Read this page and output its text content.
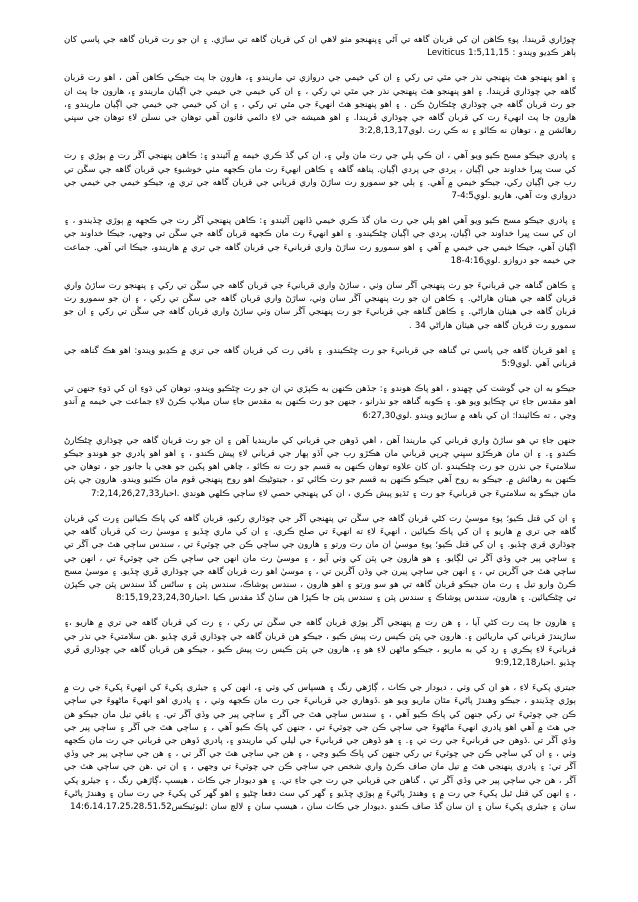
ڇوڙاري ڦريندا. پوءِ ڪاهن ان کي قربان گاهه تي آڻي ۽پنهنجو مٺو لاهي ان کي قربان گاهه تي ساڙي. ۽ ان جو رت قربان گاهه جي پاسي کان ٻاهر ڪڍيو ويندو : Leviticus 1:5,11,15

۽ اهو پنهنجو هٿ پنهنجي نذر جي مٿي تي رکي ۽ ان کي خيمي جي دروازي تي ماريندو ۽، هارون جا پٽ جيڪي ڪاهن آهن ، اهو رت قربان گاهه جي چوڌاري ڦريندا. ۽ اهو پنهنجو هٿ پنهنجي نذر جي مٿي تي رکي ، ۽ ان کي خيمي جي خيمي جي اڳيان ماريندو ۽، هارون جا پٽ ان جو رت قربان گاهه جي چوڌاري ڇڻڪارڻ ڪن . ۽ اهو پنهنجو هٿ انهيءَ جي مٿي تي رکي ، ۽ ان کي خيمي جي خيمي جي اڳيان ماريندو ۽، هارون جا پٽ انهيءَ رت کي قربان گاهه جي چوڌاري ڦريندا. ۽ اهو هميشه جي لاءِ دائمي قانون آهي توهان جي نسلن لاءِ توهان جي سڀني رهائشن ۾ ، توهان نه ڪائو ۽ نه ڪي رت .لوي3:2,8,13,17

۽ پادري جيڪو مسح ڪيو ويو آهي ، ان ڪي ٻلي جي رت مان ولي ۽، ان کي گڏ ڪري خيمه ۾ آڻيندو ۽: ڪاهن پنهنجي آڱر رت ۾ ٻوڙي ۽ رت کي ست ڀيرا خداوند جي اڳيان ، پردي جي پردي اڳيان. پناهه گاهه ۽ ڪاهن انهيءَ رت مان ڪجهه مٺي خوشبوءِ جي قربان گاهه جي سڱن تي رب جي اڳيان رکي، جيڪو خيمي ۾ آهي. ۽ ٻلي جو سمورو رت ساڙڻ واري قرباني جي قربان گاهه جي تري ۾، جيڪو خيمي جي خيمي جي دروازي وٽ آهي، هاريو .لوي4:5-7

۽ پادري جيڪو مسح ڪيو ويو آهي اهو ٻلي جي رت مان گڏ ڪري خيمي ڏانهن آڻيندو ۽: ڪاهن پنهنجي آڱر رت جي ڪجهه ۾ ٻوڙي ڇڏيندو ، ۽ ان کي ست ڀيرا خداوند جي اڳيان، پردي جي اڳيان ڇڻڪيندو. ۽ اهو انهيءَ رت مان ڪجهه قربان گاهه جي سڱن تي وجهي، جيڪا خداوند جي اڳيان آهي، جيڪا خيمي جي خيمي ۾ آهي ۽ اهو سمورو رت ساڙڻ واري قربانيءَ جي قربان گاهه جي تري ۾ هاريندو، جيڪا اتي آهي. جماعت جي خيمه جو دروازو .لوي4:16-18

۽ ڪاهن گناهه جي قربانيءَ جو رت پنهنجي آڱر سان وٺي ، ساڙڻ واري قربانيءَ جي قربان گاهه جي سڱن تي رکي ۽ پنهنجو رت ساڙڻ واري قربان گاهه جي هيٺان هاراڻي. ۽ ڪاهن ان جو رت پنهنجي آڱر سان وٺي، ساڙڻ واري قربان گاهه جي سڱن تي رکي ، ۽ ان جو سمورو رت قربان گاهه جي هيٺان هاراڻي. ۽ ڪاهن گناهه جي قربانيءَ جو رت پنهنجي آڱر سان وٺي ساڙڻ واري قربان گاهه جي سڱن تي رکي ۽ ان جو سمورو رت قربان گاهه جي هيٺان هاراڻي 34 .

۽ اهو قربان گاهه جي پاسي تي گناهه جي قربانيءَ جو رت ڇڻڪيندو. ۽ باقي رت کي قربان گاهه جي تري ۾ ڪڍيو ويندو: اهو هڪ گناهه جي قرباني آهي .لوي5:9

جيڪو به ان جي گوشت کي ڇهندو ، اهو پاڪ هوندو ۽: جڏهن ڪنهن به ڪپڙي تي ان جو رت ڇڻڪيو ويندو، توهان کي ڌوءِ ان کي ڌوءِ جنهن تي اهو مقدس جاءِ تي ڇڪايو ويو هو. ۽ ڪوبه گناهه جو نذرانو ، جنهن جو رت ڪنهن به مقدس جاءِ سان ميلاپ ڪرڻ لاءِ جماعت جي خيمه ۾ آندو وڃي ، ته ڪائيندا: ان کي باهه ۾ ساڙيو ويندو .لوي6:27,30

جنهن جاءِ تي هو ساڙڻ واري قرباني کي ماريندا آهن ، اهي ڏوهن جي قرباني کي مارينديا آهن ۽ ان جو رت قربان گاهه جي چوڌاري ڇڻڪارڻ ڪندو ۽. ۽ ان مان هرڪڙو سڀني چرٻي قرباني مان هڪڙو رب جي آڏو ٻهار جي قرباني لاءِ پيش ڪندو ، ۽ اهو اهو پادري جو هوندو جيڪو سلامتيءَ جي نذرن جو رت ڇڻڪيندو .ان کان علاوه توهان ڪنهن به قسم جو رت نه ڪائو ، چاهي اهو پکين جو هجي يا جانور جو ، توهان جي ڪنهن به رهائش ۾. جيڪو به روح آهي جيڪو ڪنهن به قسم جو رت ڪائي ٿو ، جيتوڻيڪ اهو روح پنهنجي قوم مان ڪٽيو ويندو. هارون جي پٽن مان جيڪو به سلامتيءَ جي قربانيءَ جو رت ۽ ٿڌيو پيش ڪري ، ان کي پنهنجي حصي لاءِ ساڄي ڪلهي هوندي .احبار7:2,14,26,27,33

۽ ان کي قتل ڪيو؛ پوءِ موسيٰ رت کڻي قربان گاهه جي سڱن تي پنهنجي آڱر جي چوڌاري رکيو، قربان گاهه کي پاڪ ڪيائين ۽رت کي قربان گاهه جي تري ۾ هاريو ۽ ان کي پاڪ ڪيائين ، انهيءَ لاءِ ته انهيءَ تي صلح ڪري. ۽ ان کي ماري ڇڏيو ۽ موسيٰ رت کي قربان گاهه جي چوڌاري قري ڇڏيو. ۽ ان کي قتل ڪيو؛ پوءِ موسيٰ ان مان رت ورتو ۽ هارون جي ساڄي ڪن جي چوٽيءَ تي ، سندس ساڄي هٿ جي آڱر تي ۽ ساڄي پير جي وڏي آڱر تي لڳايو. ۽ هو هارون جي پٽن کي وٺي آيو ، ۽ موسيٰ رت مان انهن جي ساڄي ڪن جي چوٽيءَ تي ، انهن جي ساڄي هٿ جي آڱرين تي ، ۽ انهن جي ساڄي پيرن جي وڏن آڱرين تي ، ۽ موسيٰ اهو رت قربان گاهه جي چوڌاري ڦري ڇڏيو. ۽ موسيٰ مسح ڪرڻ وارو تيل ۽ رت مان جيڪو قربان گاهه تي هو سو ورتو ۽ اهو هارون ، سندس پوشاڪ، سندس پٽن ۽ ساڻس گڏ سندس پٽن جي ڪپڙن تي ڇڻڪيائين. ۽ هارون، سندس پوشاڪ ۽ سندس پٽن ۽ سندس پٽن جا ڪپڙا هن ساڻ گڏ مقدس ڪيا .احبار8:15,19,23,24,30

۽ هارون جا پٽ رت کڻي آيا ، ۽ هن رت ۾ پنهنجي آڱر ٻوڙي قربان گاهه جي سڱن تي رکي ، ۽ رت کي قربان گاهه جي تري ۾ هاريو ،۽ ساڙيندڙ قرباني کي ماريائين ۽. هارون جي پٽن ڪيس رت پيش ڪيو ، جيڪو هن قربان گاهه جي چوڌاري ڦري ڇڏيو .هن سلامتيءَ جي نذر جي قربانيءَ لاءِ ٻڪري ۽ رڍ کي به ماريو ، جيڪو ماڻهن لاءِ هو ۽، هارون جي پٽن ڪيس رت پيش ڪيو ، جيڪو هن قربان گاهه جي چوڌاري ڦري ڇڏيو .احبار9:9,12,18

جيتري پکيءَ لاءِ ، هو ان کي وٺي ، ديودار جي ڪاٺ ، ڳاڙهي رنگ ۽ هسپاس کي وٺي ۽، انهن کي ۽ جيئري پکيءَ کي انهيءَ پکيءَ جي رت ۾ ٻوڙي ڇڏيندو ، جيڪو وهندڙ پاڻيءَ مٿان ماريو ويو هو .ڏوهاري جي قربانيءَ جي رت مان ڪجهه وٺي ، ۽ پادري اهو انهيءَ ماڻهوءَ جي ساڄي ڪن جي چوٽيءَ تي رکي جنهن کي پاڪ ڪيو آهي ، ۽ سندس ساڄي هٿ جي آڱر ۽ ساڄي پير جي وڏي آڱر تي. ۽ باقي تيل مان جيڪو هن جي هٿ ۾ آهي اهو پادري انهيءَ ماڻهوءَ جي ساڄي ڪن جي چوٽيءَ تي ، جنهن کي پاڪ ڪيو آهي ، ۽ ساڄي هٿ جي آڱر ۽ ساڄي پير جي وڏي آڱر تي .ڏوهن جي قربانيءَ جي رت تي ۽. ۽ هو ڏوهن جي قربانيءَ جي ليلي کي ماريندو ۽، پادري ڏوهن جي قرباني جي رت مان ڪجهه وٺي ، ۽ ان کي ساڄي ڪن جي چوٽيءَ تي رکي جنهن کي پاڪ ڪيو وڃي ، ۽ هن جي ساڄي هٿ جي آڱر تي ، ۽ هن جي ساڄي پير جي وڏي آڱر تي: ۽ پادري پنهنجي هٿ ۾ تيل مان صاف ڪرڻ واري شخص جي ساڄي ڪن جي چوٽيءَ تي وجهي ، ۽ ان تي .هن جي ساڄي هٿ جي آڱر ، هن جي ساڄي پير جي وڏي آڱر تي ، گناهن جي قرباني جي رت جي جاءِ تي. ۽ هو ديودار جي ڪاٺ ، هيسپ ،ڳاڙهي رنگ ، ۽ جيئرو پکي ، ۽ انهن کي قتل ٿيل پکيءَ جي رت ۾ ۽ وهندڙ پاڻيءَ ۾ ٻوڙي ڇڏيو ۽ گهر کي ست دفعا ڇڻيو ۽ اهو گهر کي پکيءَ جي رت سان ۽ وهندڙ پاڻيءَ سان ۽ جيئري پکيءَ سان ۽ ان سان گڏ صاف ڪندو .ديودار جي ڪاٺ سان ، هيسپ سان ۽ لالچ سان :ليوٽيڪس14:6،14،17،25،28،51،52
